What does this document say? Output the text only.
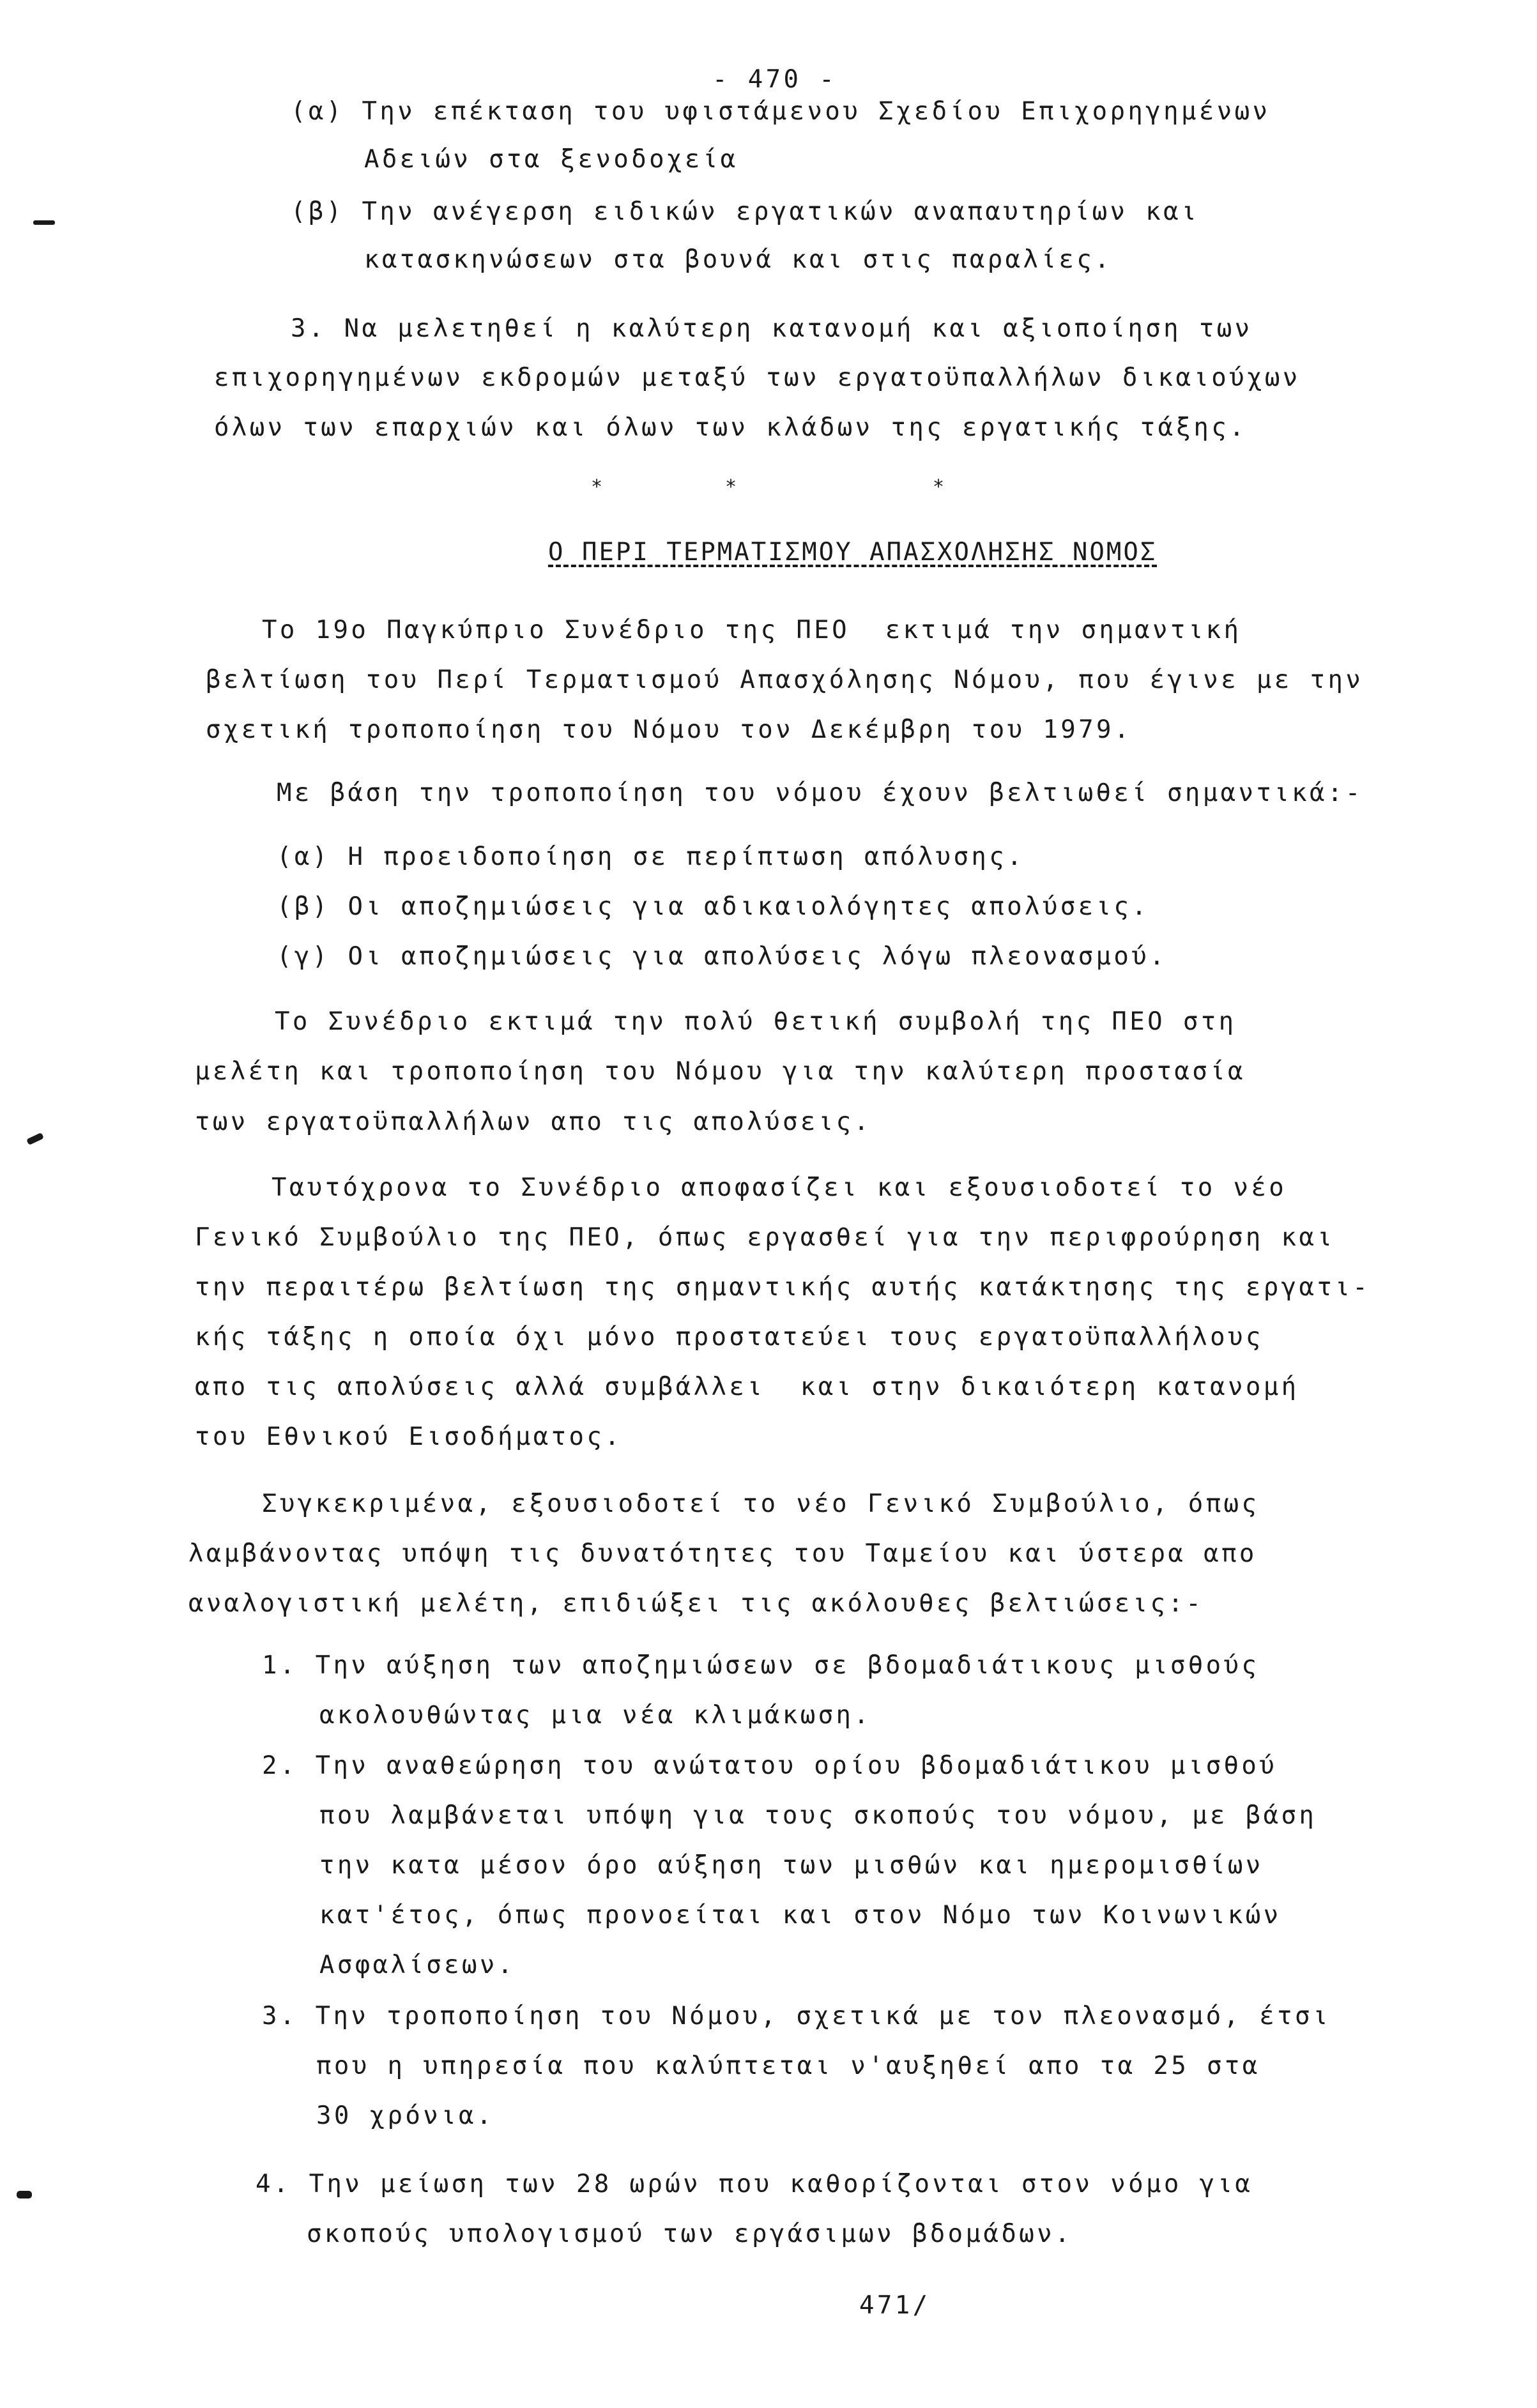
- 470 -
(α) Την επέκταση του υφιστάμενου Σχεδίου Επιχορηγημένων
Αδειών στα ξενοδοχεία
(β) Την ανέγερση ειδικών εργατικών αναπαυτηρίων και
κατασκηνώσεων στα βουνά και στις παραλίες.
3. Να μελετηθεί η καλύτερη κατανομή και αξιοποίηση των
επιχορηγημένων εκδρομών μεταξύ των εργατοϋπαλλήλων δικαιούχων
όλων των επαρχιών και όλων των κλάδων της εργατικής τάξης.
*	*	*
Ο ΠΕΡΙ ΤΕΡΜΑΤΙΣΜΟΥ ΑΠΑΣΧΟΛΗΣΗΣ ΝΟΜΟΣ
Το 19ο Παγκύπριο Συνέδριο της ΠΕΟ  εκτιμά την σημαντική
βελτίωση του Περί Τερματισμού Απασχόλησης Νόμου, που έγινε με την
σχετική τροποποίηση του Νόμου τον Δεκέμβρη του 1979.
Με βάση την τροποποίηση του νόμου έχουν βελτιωθεί σημαντικά:-
(α) Η προειδοποίηση σε περίπτωση απόλυσης.
(β) Οι αποζημιώσεις για αδικαιολόγητες απολύσεις.
(γ) Οι αποζημιώσεις για απολύσεις λόγω πλεονασμού.
Το Συνέδριο εκτιμά την πολύ θετική συμβολή της ΠΕΟ στη
μελέτη και τροποποίηση του Νόμου για την καλύτερη προστασία
των εργατοϋπαλλήλων απο τις απολύσεις.
Ταυτόχρονα το Συνέδριο αποφασίζει και εξουσιοδοτεί το νέο
Γενικό Συμβούλιο της ΠΕΟ, όπως εργασθεί για την περιφρούρηση και
την περαιτέρω βελτίωση της σημαντικής αυτής κατάκτησης της εργατι-
κής τάξης η οποία όχι μόνο προστατεύει τους εργατοϋπαλλήλους
απο τις απολύσεις αλλά συμβάλλει  και στην δικαιότερη κατανομή
του Εθνικού Εισοδήματος.
Συγκεκριμένα, εξουσιοδοτεί το νέο Γενικό Συμβούλιο, όπως
λαμβάνοντας υπόψη τις δυνατότητες του Ταμείου και ύστερα απο
αναλογιστική μελέτη, επιδιώξει τις ακόλουθες βελτιώσεις:-
1. Την αύξηση των αποζημιώσεων σε βδομαδιάτικους μισθούς
ακολουθώντας μια νέα κλιμάκωση.
2. Την αναθεώρηση του ανώτατου ορίου βδομαδιάτικου μισθού
που λαμβάνεται υπόψη για τους σκοπούς του νόμου, με βάση
την κατα μέσον όρο αύξηση των μισθών και ημερομισθίων
κατ'έτος, όπως προνοείται και στον Νόμο των Κοινωνικών
Ασφαλίσεων.
3. Την τροποποίηση του Νόμου, σχετικά με τον πλεονασμό, έτσι
που η υπηρεσία που καλύπτεται ν'αυξηθεί απο τα 25 στα
30 χρόνια.
4. Την μείωση των 28 ωρών που καθορίζονται στον νόμο για
σκοπούς υπολογισμού των εργάσιμων βδομάδων.
471/
